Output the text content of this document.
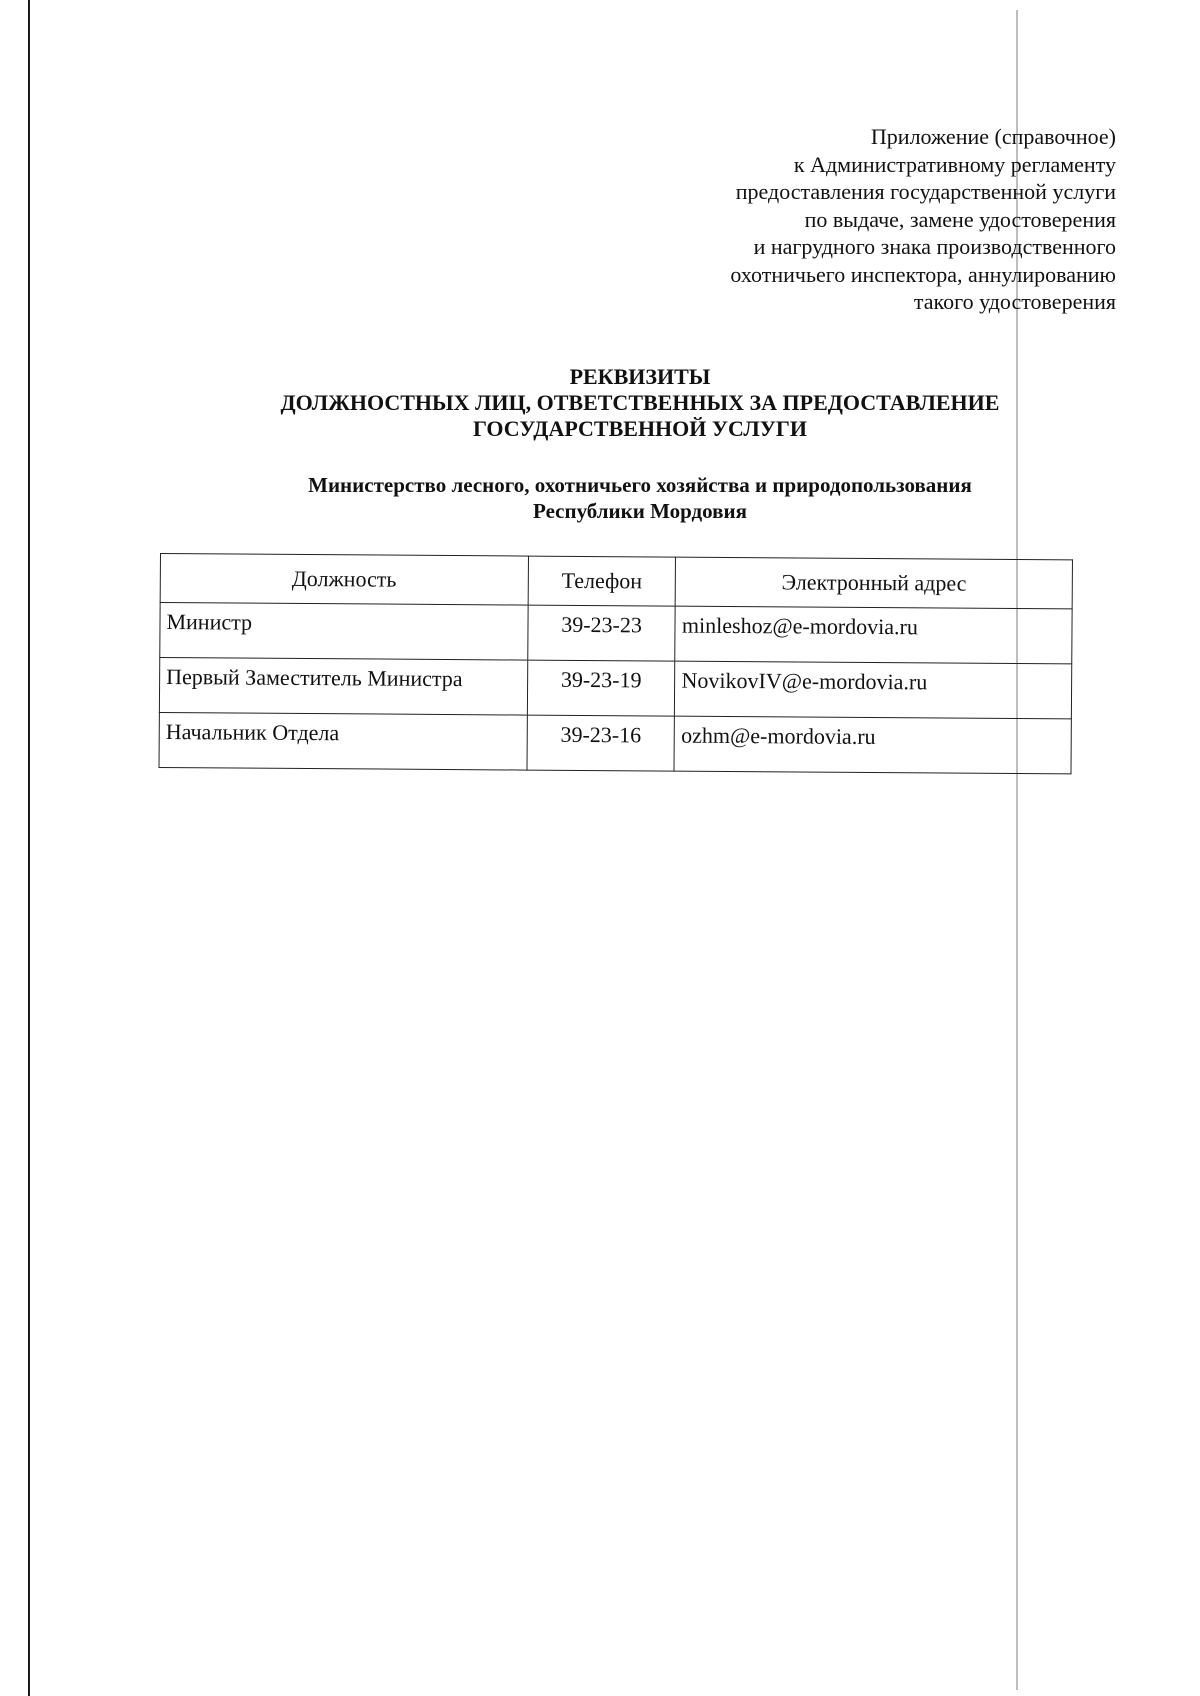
Приложение (справочное)
к Административному регламенту
предоставления государственной услуги
по выдаче, замене удостоверения
и нагрудного знака производственного
охотничьего инспектора, аннулированию
такого удостоверения
РЕКВИЗИТЫ
ДОЛЖНОСТНЫХ ЛИЦ, ОТВЕТСТВЕННЫХ ЗА ПРЕДОСТАВЛЕНИЕ
ГОСУДАРСТВЕННОЙ УСЛУГИ
Министерство лесного, охотничьего хозяйства и природопользования
Республики Мордовия
Должность	Телефон	Электронный адрес
Министр	39-23-23	minleshoz@e-mordovia.ru
Первый Заместитель Министра	39-23-19	NovikovIV@e-mordovia.ru
Начальник Отдела	39-23-16	ozhm@e-mordovia.ru
